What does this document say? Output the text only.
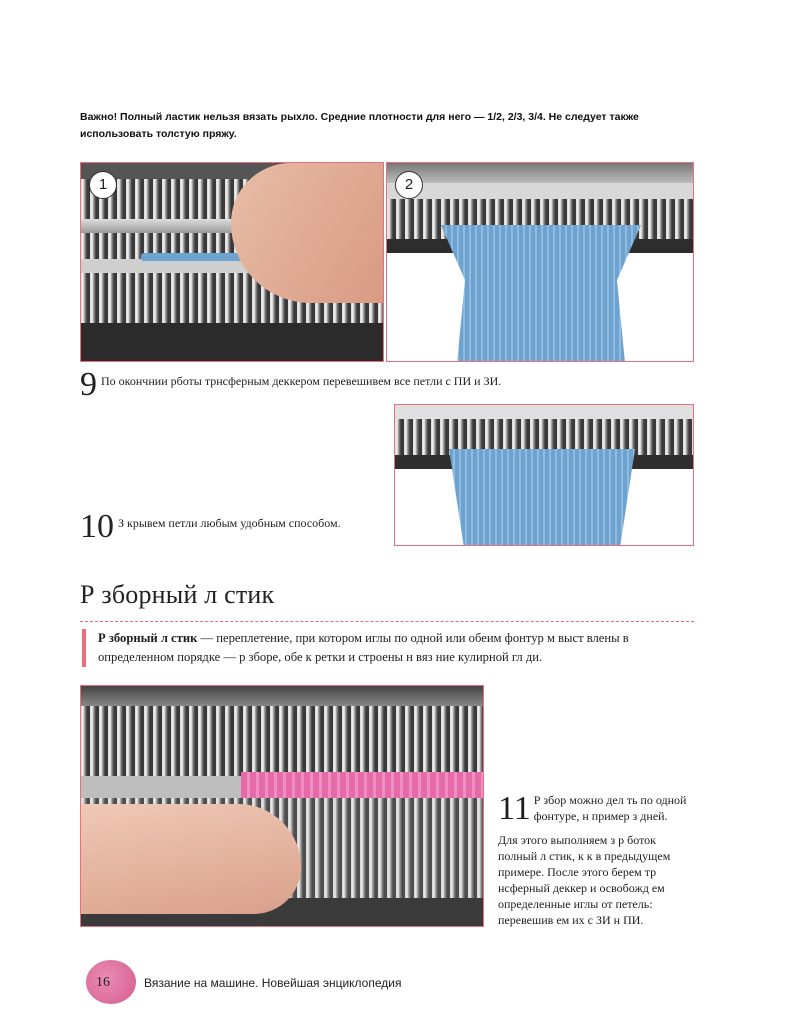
Важно! Полный ластик нельзя вязать рыхло. Средние плотности для него — 1/2, 2/3, 3/4. Не следует также использовать толстую пряжу.
1	2
9 По окончнии рботы трнсферным деккером перевешивем все петли с ПИ и ЗИ.
10 З крывем петли любым удобным способом.
Р зборный л стик
Р зборный л стик — переплетение, при котором иглы по одной или обеим фонтур м выст влены в определенном порядке — р зборе, обе к ретки и строены н вяз ние кулирной гл ди.
11 Р збор можно дел ть по одной фонтуре, н пример з дней.

Для этого выполняем з р боток полный л стик, к к в предыдущем примере. После этого берем тр нсферный деккер и освобожд ем определенные иглы от петель: перевешив ем их с ЗИ н ПИ.

16	Вязание на машине. Новейшая энциклопедия
